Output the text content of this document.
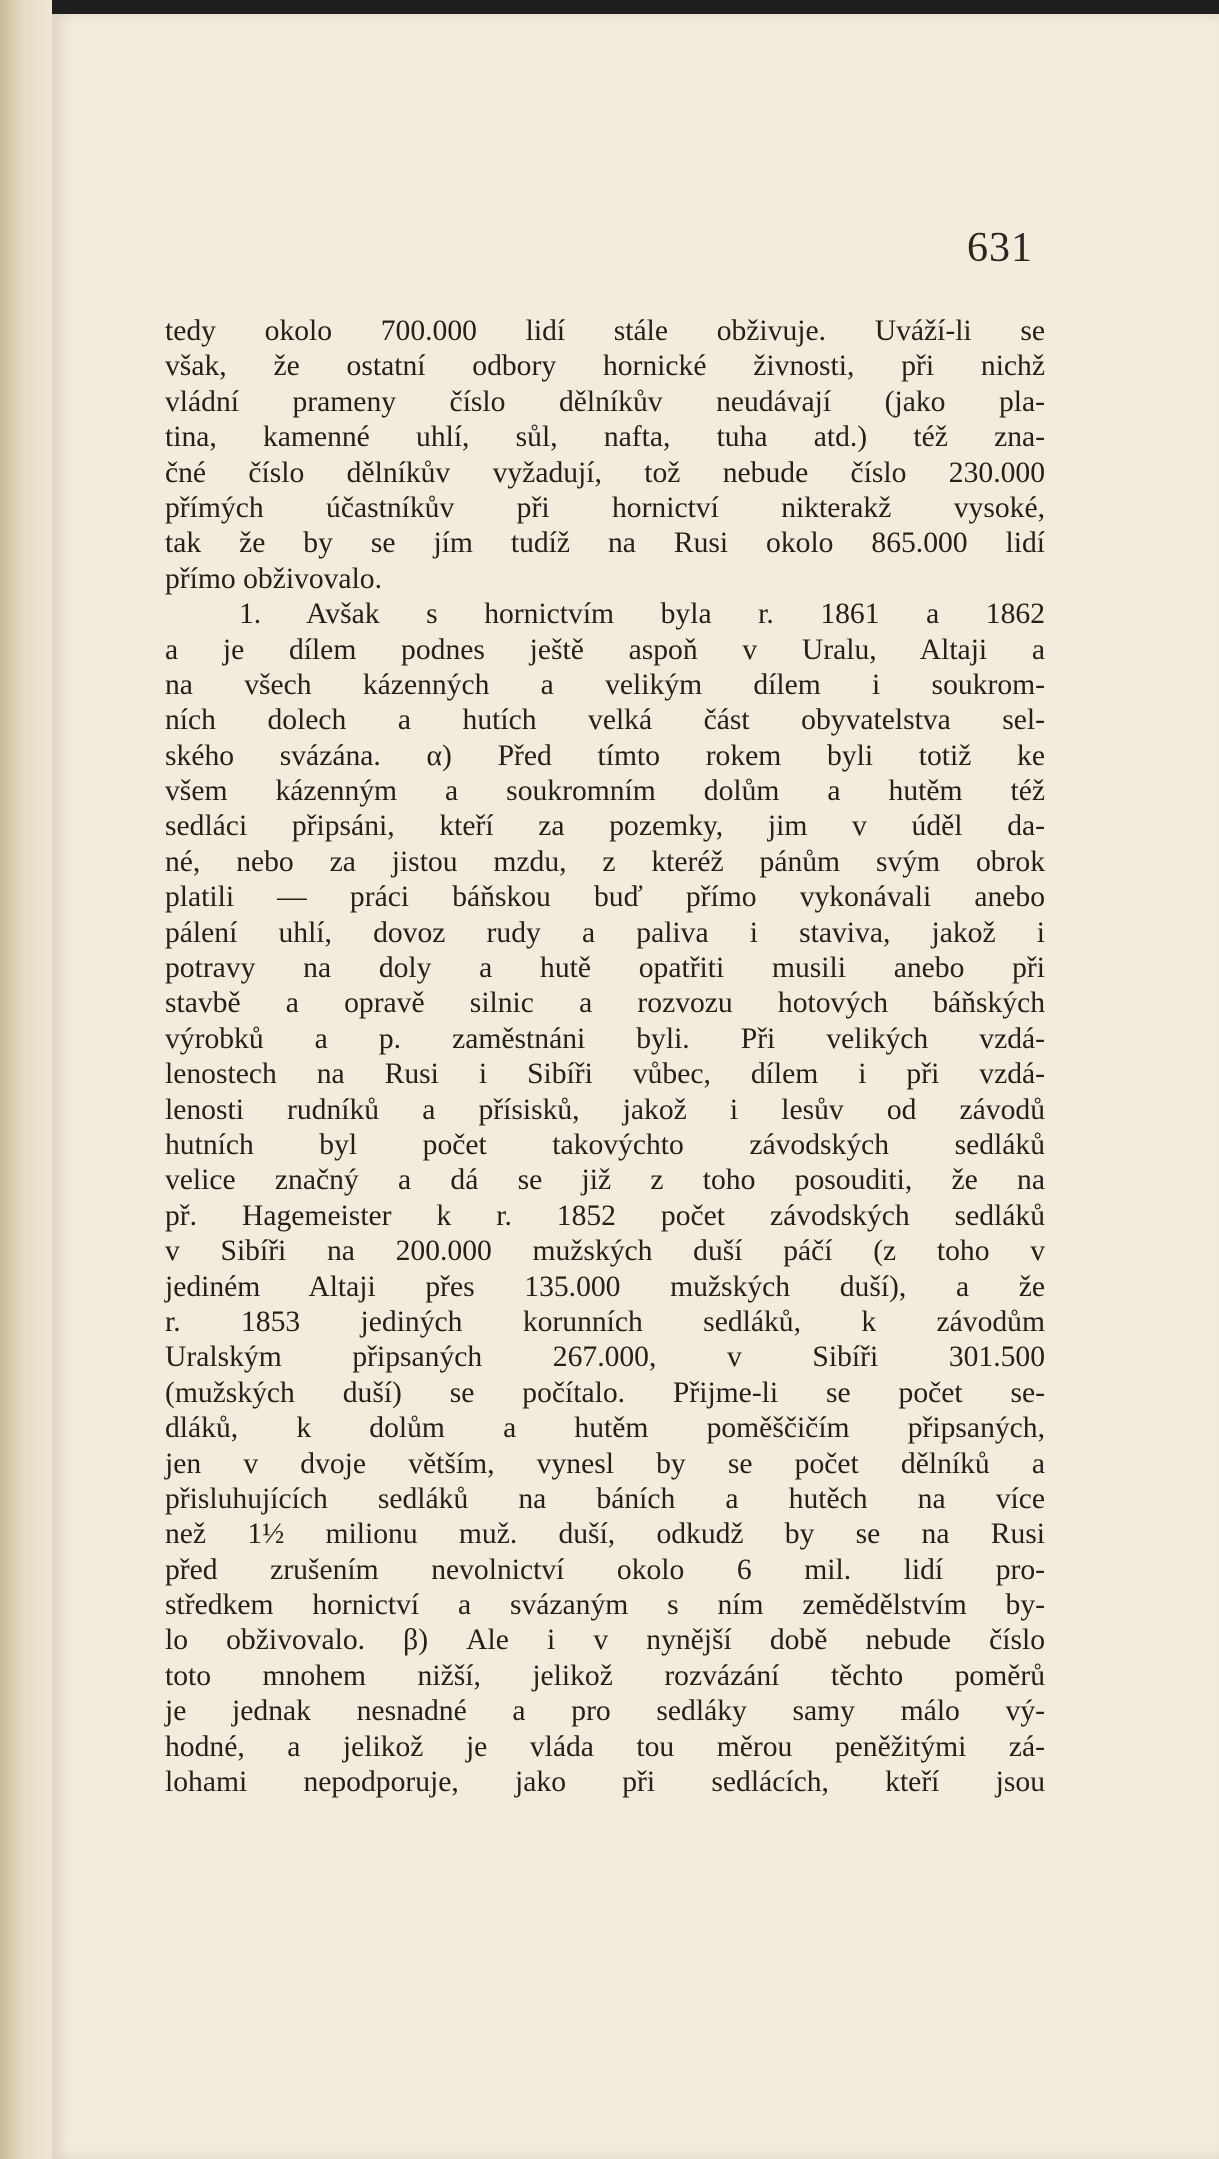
631
tedy okolo 700.000 lidí stále obživuje. Uváží-li se
však, že ostatní odbory hornické živnosti, při nichž
vládní prameny číslo dělníkův neudávají (jako pla-
tina, kamenné uhlí, sůl, nafta, tuha atd.) též zna-
čné číslo dělníkův vyžadují, tož nebude číslo 230.000
přímých účastníkův při hornictví nikterakž vysoké,
tak že by se jím tudíž na Rusi okolo 865.000 lidí
přímo obživovalo.
1. Avšak s hornictvím byla r. 1861 a 1862
a je dílem podnes ještě aspoň v Uralu, Altaji a
na všech kázenných a velikým dílem i soukrom-
ních dolech a hutích velká část obyvatelstva sel-
ského svázána. α) Před tímto rokem byli totiž ke
všem kázenným a soukromním dolům a hutěm též
sedláci připsáni, kteří za pozemky, jim v úděl da-
né, nebo za jistou mzdu, z kteréž pánům svým obrok
platili — práci báňskou buď přímo vykonávali anebo
pálení uhlí, dovoz rudy a paliva i staviva, jakož i
potravy na doly a hutě opatřiti musili anebo při
stavbě a opravě silnic a rozvozu hotových báňských
výrobků a p. zaměstnáni byli. Při velikých vzdá-
lenostech na Rusi i Sibíři vůbec, dílem i při vzdá-
lenosti rudníků a přísisků, jakož i lesův od závodů
hutních byl počet takovýchto závodských sedláků
velice značný a dá se již z toho posouditi, že na
př. Hagemeister k r. 1852 počet závodských sedláků
v Sibíři na 200.000 mužských duší páčí (z toho v
jediném Altaji přes 135.000 mužských duší), a že
r. 1853 jediných korunních sedláků, k závodům
Uralským připsaných 267.000, v Sibíři 301.500
(mužských duší) se počítalo. Přijme-li se počet se-
dláků, k dolům a hutěm poměščičím připsaných,
jen v dvoje větším, vynesl by se počet dělníků a
přisluhujících sedláků na báních a hutěch na více
než 1½ milionu muž. duší, odkudž by se na Rusi
před zrušením nevolnictví okolo 6 mil. lidí pro-
středkem hornictví a svázaným s ním zemědělstvím by-
lo obživovalo. β) Ale i v nynější době nebude číslo
toto mnohem nižší, jelikož rozvázání těchto poměrů
je jednak nesnadné a pro sedláky samy málo vý-
hodné, a jelikož je vláda tou měrou peněžitými zá-
lohami nepodporuje, jako při sedlácích, kteří jsou
